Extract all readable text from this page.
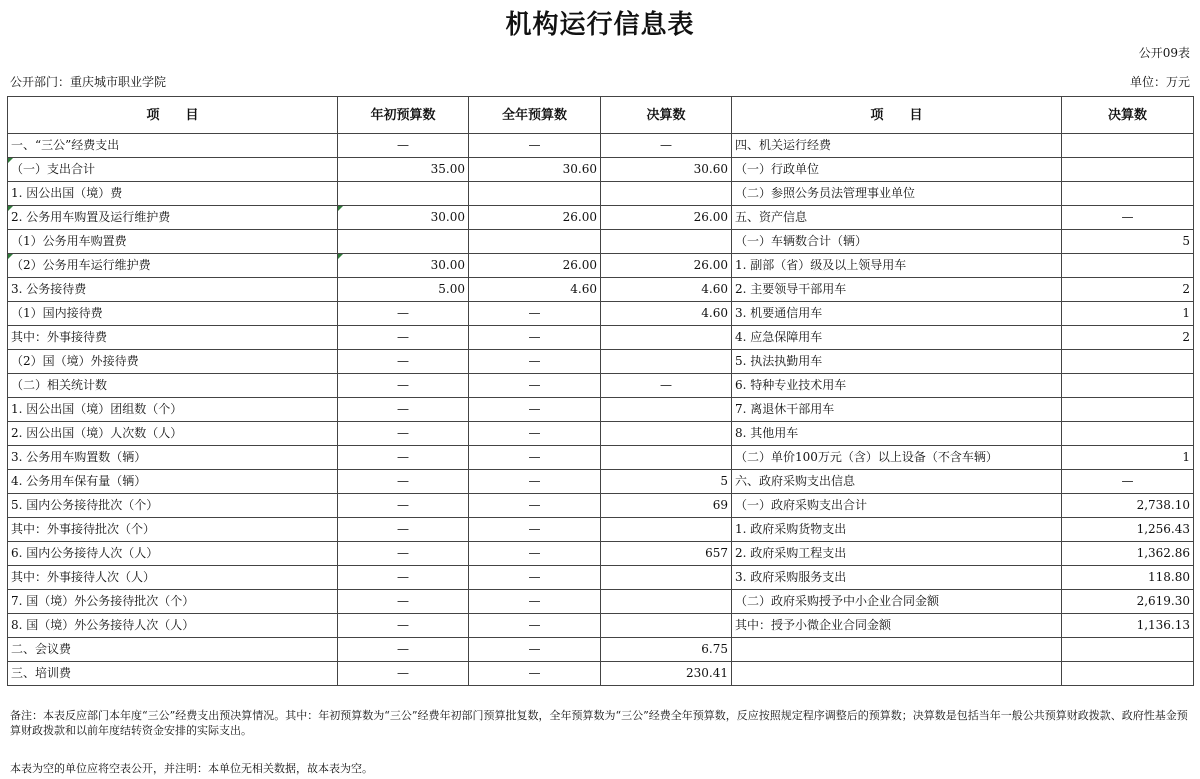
机构运行信息表
公开09表
公开部门：重庆城市职业学院	单位：万元
项　　目	年初预算数	全年预算数	决算数	项　　目	决算数
一、“三公”经费支出	—	—	—	四、机关运行经费	
（一）支出合计	35.00	30.60	30.60	（一）行政单位	
1. 因公出国（境）费				（二）参照公务员法管理事业单位	
2. 公务用车购置及运行维护费	30.00	26.00	26.00	五、资产信息	—
（1）公务用车购置费				（一）车辆数合计（辆）	5
（2）公务用车运行维护费	30.00	26.00	26.00	1. 副部（省）级及以上领导用车	
3. 公务接待费	5.00	4.60	4.60	2. 主要领导干部用车	2
（1）国内接待费	—	—	4.60	3. 机要通信用车	1
其中：外事接待费	—	—		4. 应急保障用车	2
（2）国（境）外接待费	—	—		5. 执法执勤用车	
（二）相关统计数	—	—	—	6. 特种专业技术用车	
1. 因公出国（境）团组数（个）	—	—		7. 离退休干部用车	
2. 因公出国（境）人次数（人）	—	—		8. 其他用车	
3. 公务用车购置数（辆）	—	—		（二）单价100万元（含）以上设备（不含车辆）	1
4. 公务用车保有量（辆）	—	—	5	六、政府采购支出信息	—
5. 国内公务接待批次（个）	—	—	69	（一）政府采购支出合计	2,738.10
其中：外事接待批次（个）	—	—		1. 政府采购货物支出	1,256.43
6. 国内公务接待人次（人）	—	—	657	2. 政府采购工程支出	1,362.86
其中：外事接待人次（人）	—	—		3. 政府采购服务支出	118.80
7. 国（境）外公务接待批次（个）	—	—		（二）政府采购授予中小企业合同金额	2,619.30
8. 国（境）外公务接待人次（人）	—	—		其中：授予小微企业合同金额	1,136.13
二、会议费	—	—	6.75		
三、培训费	—	—	230.41		
备注：本表反应部门本年度“三公”经费支出预决算情况。其中：年初预算数为“三公”经费年初部门预算批复数，全年预算数为“三公”经费全年预算数，反应按照规定程序调整后的预算数；决算数是包括当年一般公共预算财政拨款、政府性基金预算财政拨款和以前年度结转资金安排的实际支出。
本表为空的单位应将空表公开，并注明：本单位无相关数据，故本表为空。
